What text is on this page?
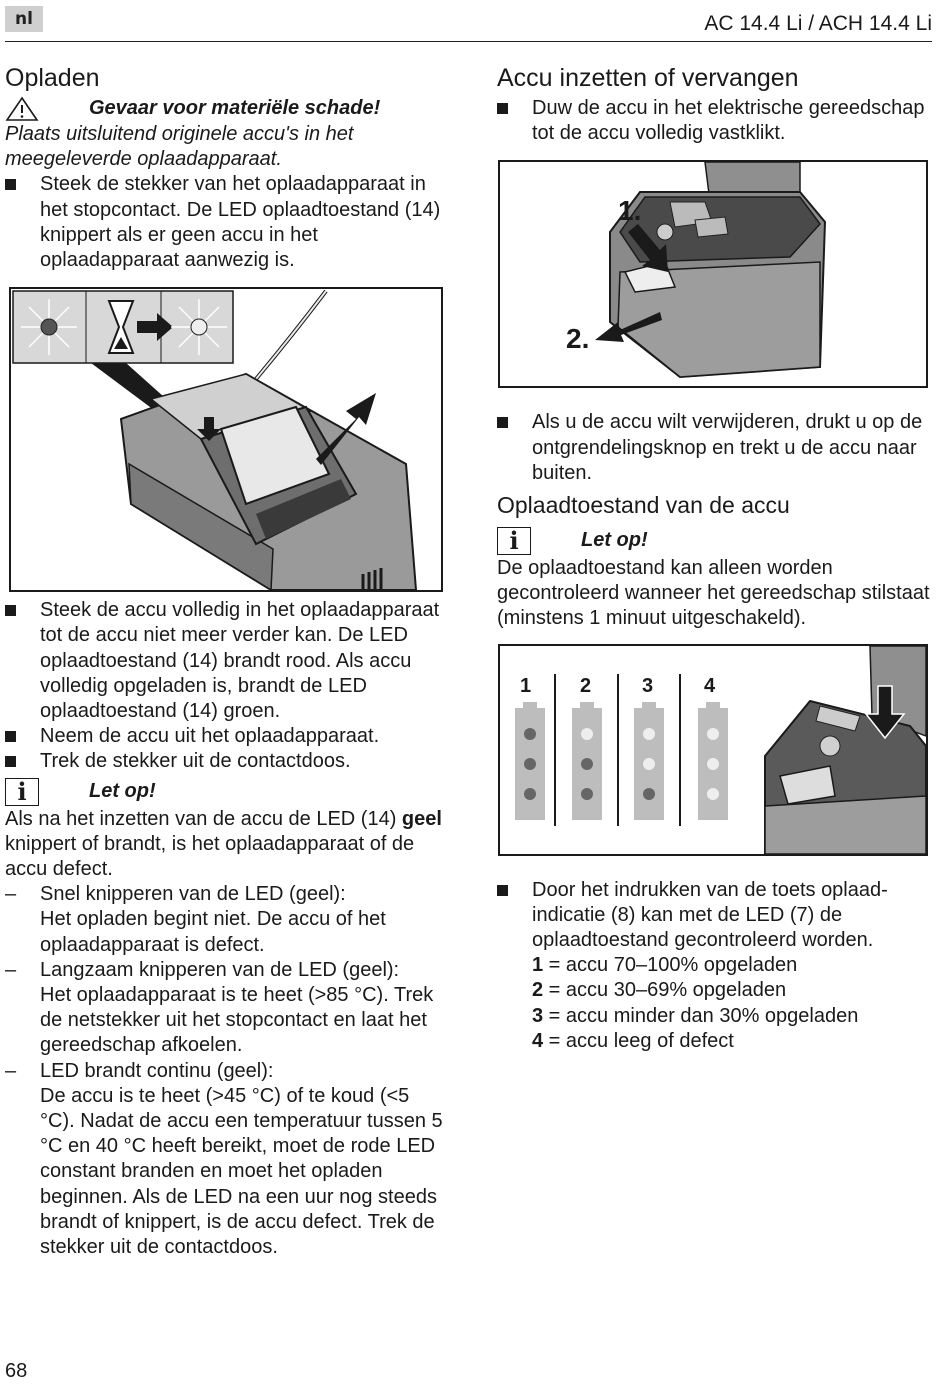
nl	AC 14.4 Li / ACH 14.4 Li
Opladen
Gevaar voor materiële schade!
Plaats uitsluitend originele accu's in het meegeleverde oplaadapparaat.
Steek de stekker van het oplaadapparaat in het stopcontact. De LED oplaadtoestand (14) knippert als er geen accu in het oplaadapparaat aanwezig is.
Steek de accu volledig in het oplaadapparaat tot de accu niet meer verder kan. De LED oplaadtoestand (14) brandt rood. Als accu volledig opgeladen is, brandt de LED oplaadtoestand (14) groen.
Neem de accu uit het oplaadapparaat.
Trek de stekker uit de contactdoos.
i	Let op!
Als na het inzetten van de accu de LED (14) geel knippert of brandt, is het oplaadapparaat of de accu defect.
– Snel knipperen van de LED (geel):
Het opladen begint niet. De accu of het oplaadapparaat is defect.
– Langzaam knipperen van de LED (geel):
Het oplaadapparaat is te heet (>85 °C). Trek de netstekker uit het stopcontact en laat het gereedschap afkoelen.
– LED brandt continu (geel):
De accu is te heet (>45 °C) of te koud (<5 °C). Nadat de accu een temperatuur tussen 5 °C en 40 °C heeft bereikt, moet de rode LED constant branden en moet het opladen beginnen. Als de LED na een uur nog steeds brandt of knippert, is de accu defect. Trek de stekker uit de contactdoos.
Accu inzetten of vervangen
Duw de accu in het elektrische gereedschap tot de accu volledig vastklikt.
1.
2.
Als u de accu wilt verwijderen, drukt u op de ontgrendelingsknop en trekt u de accu naar buiten.
Oplaadtoestand van de accu
i	Let op!
De oplaadtoestand kan alleen worden gecontroleerd wanneer het gereedschap stilstaat (minstens 1 minuut uitgeschakeld).
1 2	3	4
Door het indrukken van de toets oplaadindicatie (8) kan met de LED (7) de oplaadtoestand gecontroleerd worden.
1 = accu 70–100% opgeladen
2 = accu 30–69% opgeladen
3 = accu minder dan 30% opgeladen
4 = accu leeg of defect
68
